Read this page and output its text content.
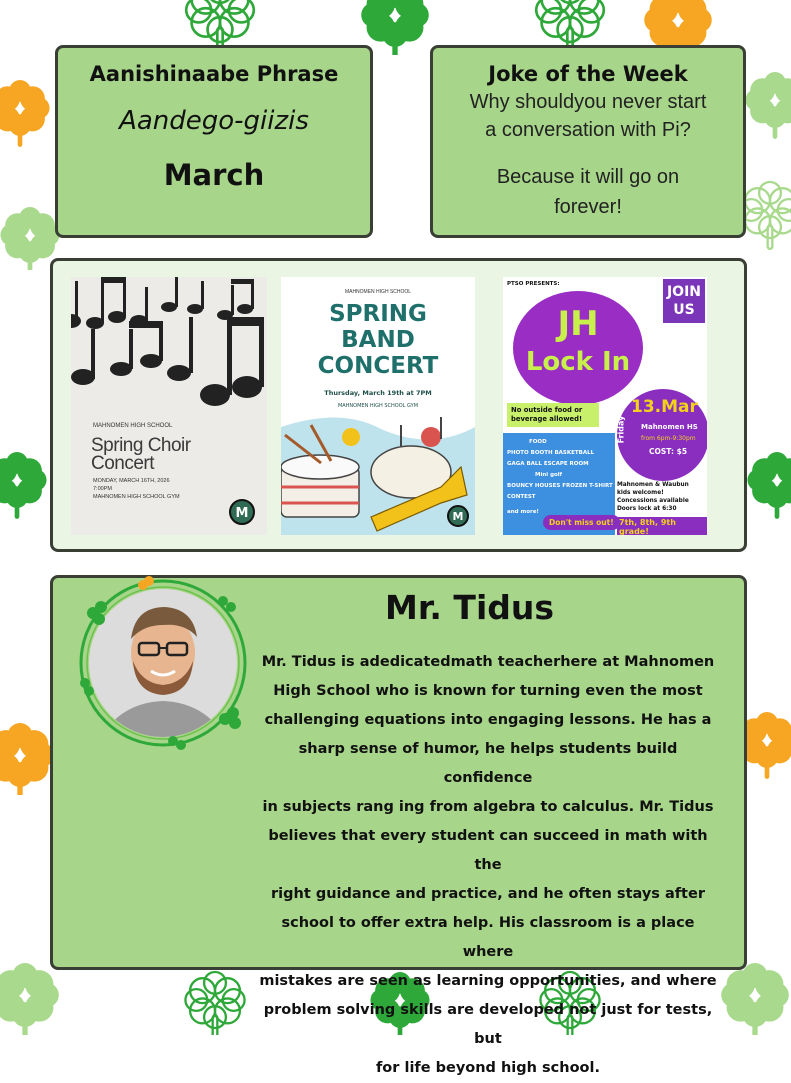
Aanishinaabe Phrase
Aandego-giizis
March
Joke of the Week
Why shouldyou never start
a conversation with Pi?
Because it will go on
forever!
MAHNOMEN HIGH SCHOOL
Spring Choir
Concert
MONDAY, MARCH 16TH, 2026
7:00PM
MAHNOMEN HIGH SCHOOL GYM
M
MAHNOMEN HIGH SCHOOL
SPRING
BAND
CONCERT
Thursday, March 19th at 7PM
MAHNOMEN HIGH SCHOOL GYM
M
PTSO PRESENTS:	JOIN
US
JH
Lock In
No outside food or
beverage allowed!	Friday
13.Mar
Mahnomen HS
from 6pm-9:30pm
COST: $5
FOOD
PHOTO BOOTH BASKETBALL
GAGA BALL ESCAPE ROOM
Mini golf
BOUNCY HOUSES FROZEN T-SHIRT CONTEST
and more!
Mahnomen & Waubun
kids welcome!
Concessions available
Doors lock at 6:30
Don't miss out! 7th, 8th, 9th grade!
Mr. Tidus
Mr. Tidus is adedicatedmath teacherhere at Mahnomen
High School who is known for turning even the most
challenging equations into engaging lessons. He has a
sharp sense of humor, he helps students build confidence
in subjects rang ing from algebra to calculus. Mr. Tidus
believes that every student can succeed in math with the
right guidance and practice, and he often stays after
school to offer extra help. His classroom is a place where
mistakes are seen as learning opportunities, and where
problem solving skills are developed not just for tests, but
for life beyond high school.
